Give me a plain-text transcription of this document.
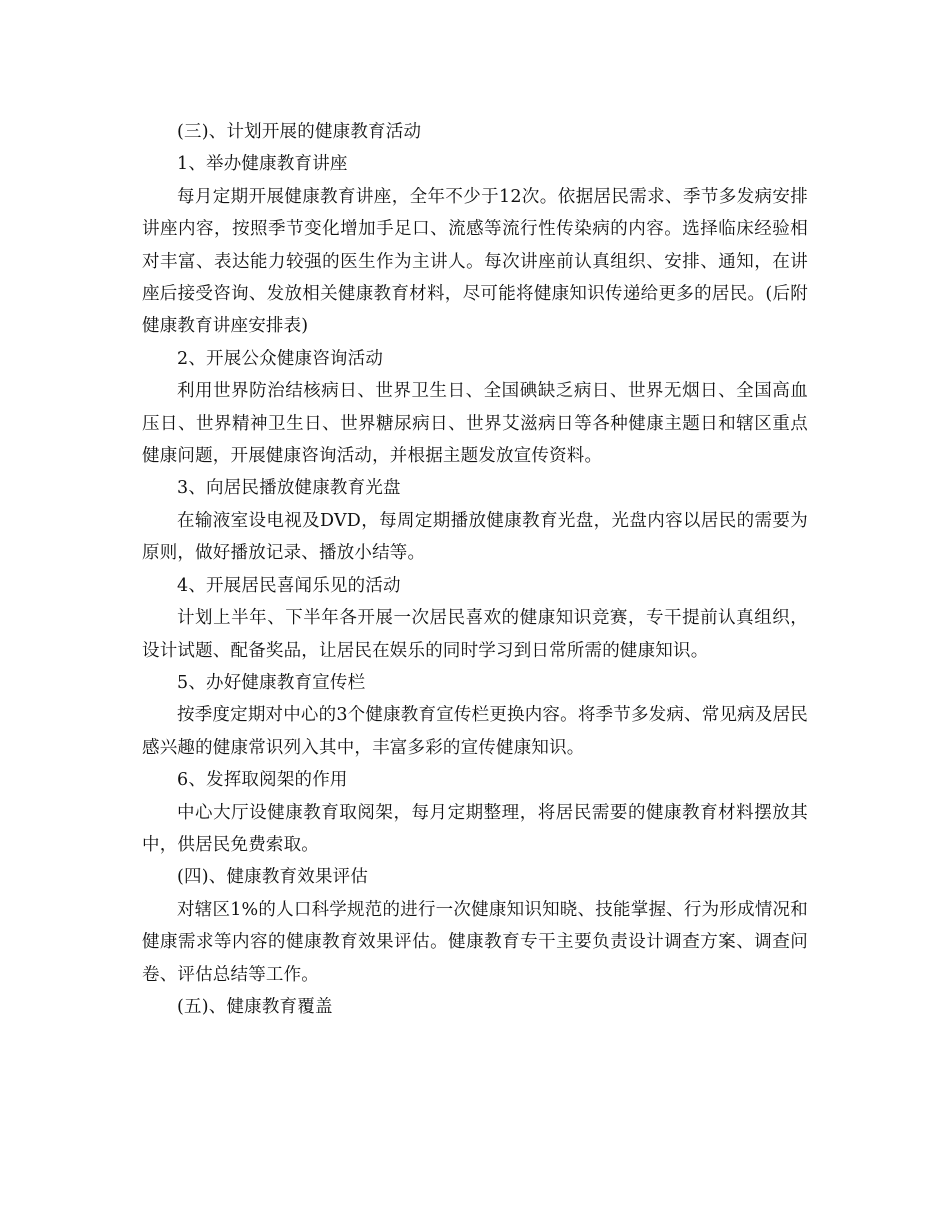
(三)、计划开展的健康教育活动

1、举办健康教育讲座

每月定期开展健康教育讲座，全年不少于12次。依据居民需求、季节多发病安排讲座内容，按照季节变化增加手足口、流感等流行性传染病的内容。选择临床经验相对丰富、表达能力较强的医生作为主讲人。每次讲座前认真组织、安排、通知，在讲座后接受咨询、发放相关健康教育材料，尽可能将健康知识传递给更多的居民。(后附健康教育讲座安排表)

2、开展公众健康咨询活动

利用世界防治结核病日、世界卫生日、全国碘缺乏病日、世界无烟日、全国高血压日、世界精神卫生日、世界糖尿病日、世界艾滋病日等各种健康主题日和辖区重点健康问题，开展健康咨询活动，并根据主题发放宣传资料。

3、向居民播放健康教育光盘

在输液室设电视及DVD，每周定期播放健康教育光盘，光盘内容以居民的需要为原则，做好播放记录、播放小结等。

4、开展居民喜闻乐见的活动

计划上半年、下半年各开展一次居民喜欢的健康知识竞赛，专干提前认真组织，设计试题、配备奖品，让居民在娱乐的同时学习到日常所需的健康知识。

5、办好健康教育宣传栏

按季度定期对中心的3个健康教育宣传栏更换内容。将季节多发病、常见病及居民感兴趣的健康常识列入其中，丰富多彩的宣传健康知识。

6、发挥取阅架的作用

中心大厅设健康教育取阅架，每月定期整理，将居民需要的健康教育材料摆放其中，供居民免费索取。

(四)、健康教育效果评估

对辖区1%的人口科学规范的进行一次健康知识知晓、技能掌握、行为形成情况和健康需求等内容的健康教育效果评估。健康教育专干主要负责设计调查方案、调查问卷、评估总结等工作。

(五)、健康教育覆盖
